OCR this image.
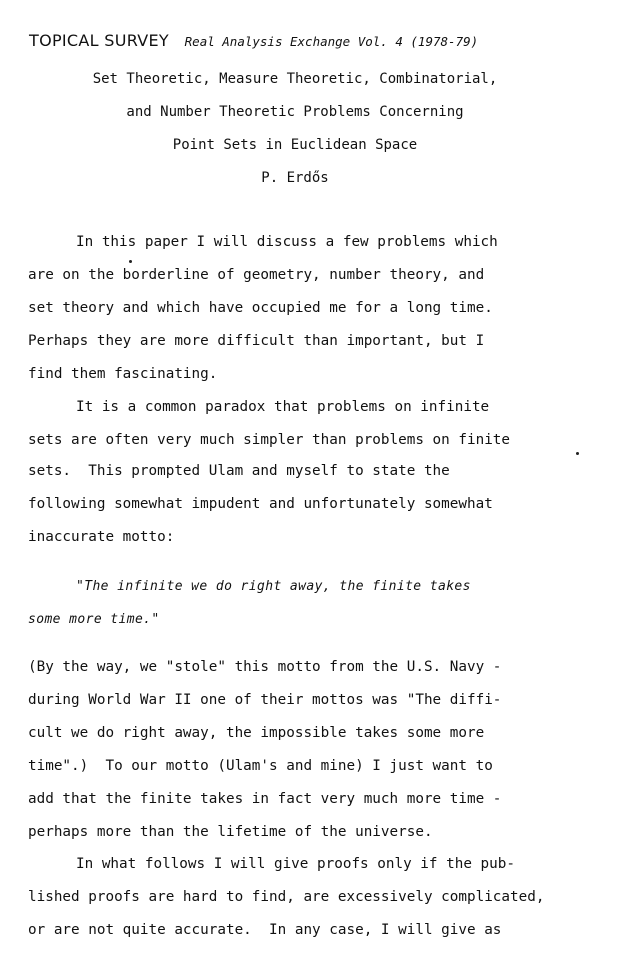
TOPICAL SURVEY Real Analysis Exchange Vol. 4 (1978-79)
Set Theoretic, Measure Theoretic, Combinatorial,
and Number Theoretic Problems Concerning
Point Sets in Euclidean Space
P. Erdős
In this paper I will discuss a few problems which
are on the borderline of geometry, number theory, and
set theory and which have occupied me for a long time.
Perhaps they are more difficult than important, but I
find them fascinating.
It is a common paradox that problems on infinite
sets are often very much simpler than problems on finite
sets.  This prompted Ulam and myself to state the
following somewhat impudent and unfortunately somewhat
inaccurate motto:
"The infinite we do right away, the finite takes
some more time."
(By the way, we "stole" this motto from the U.S. Navy -
during World War II one of their mottos was "The diffi-
cult we do right away, the impossible takes some more
time".)  To our motto (Ulam's and mine) I just want to
add that the finite takes in fact very much more time -
perhaps more than the lifetime of the universe.
In what follows I will give proofs only if the pub-
lished proofs are hard to find, are excessively complicated,
or are not quite accurate.  In any case, I will give as
